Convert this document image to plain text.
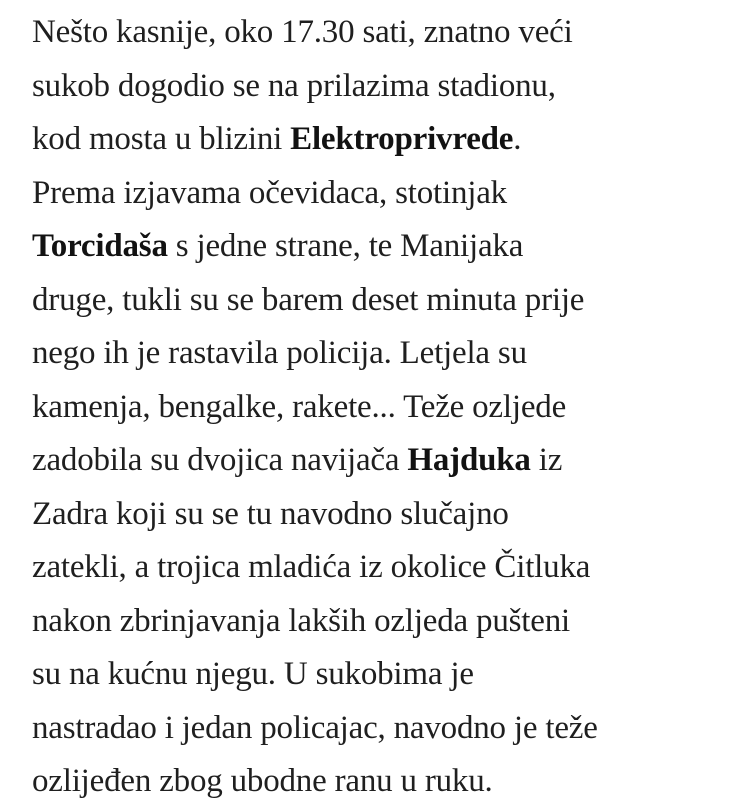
Nešto kasnije, oko 17.30 sati, znatno veći
sukob dogodio se na prilazima stadionu,
kod mosta u blizini Elektroprivrede.
Prema izjavama očevidaca, stotinjak
Torcidaša s jedne strane, te Manijaka
druge, tukli su se barem deset minuta prije
nego ih je rastavila policija. Letjela su
kamenja, bengalke, rakete... Teže ozljede
zadobila su dvojica navijača Hajduka iz
Zadra koji su se tu navodno slučajno
zatekli, a trojica mladića iz okolice Čitluka
nakon zbrinjavanja lakših ozljeda pušteni
su na kućnu njegu. U sukobima je
nastradao i jedan policajac, navodno je teže
ozlijeđen zbog ubodne ranu u ruku.
